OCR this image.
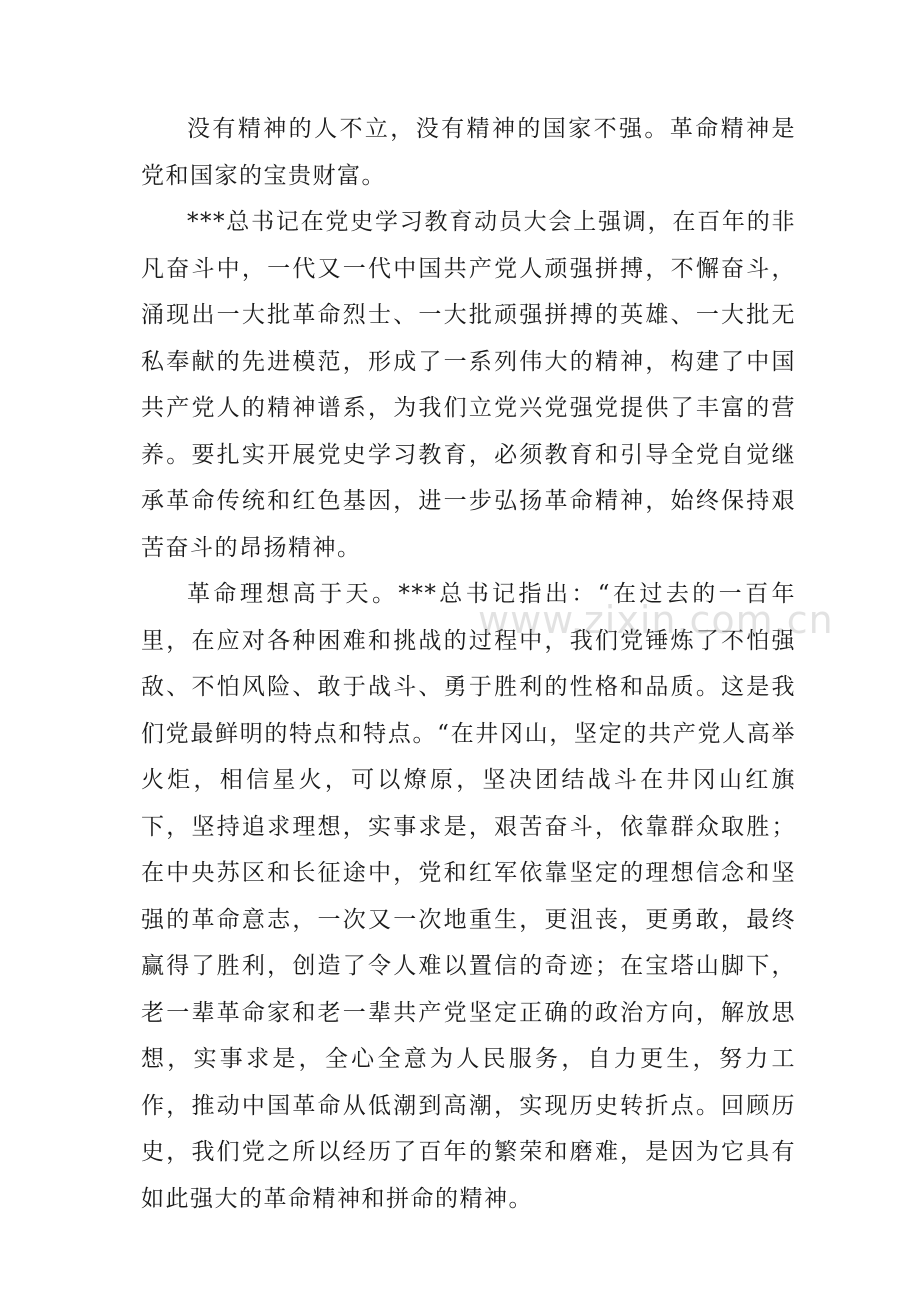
没有精神的人不立，没有精神的国家不强。革命精神是党和国家的宝贵财富。

***总书记在党史学习教育动员大会上强调，在百年的非凡奋斗中，一代又一代中国共产党人顽强拼搏，不懈奋斗，涌现出一大批革命烈士、一大批顽强拼搏的英雄、一大批无私奉献的先进模范，形成了一系列伟大的精神，构建了中国共产党人的精神谱系，为我们立党兴党强党提供了丰富的营养。要扎实开展党史学习教育，必须教育和引导全党自觉继承革命传统和红色基因，进一步弘扬革命精神，始终保持艰苦奋斗的昂扬精神。

革命理想高于天。***总书记指出：“在过去的一百年里，在应对各种困难和挑战的过程中，我们党锤炼了不怕强敌、不怕风险、敢于战斗、勇于胜利的性格和品质。这是我们党最鲜明的特点和特点。“在井冈山，坚定的共产党人高举火炬，相信星火，可以燎原，坚决团结战斗在井冈山红旗下，坚持追求理想，实事求是，艰苦奋斗，依靠群众取胜；在中央苏区和长征途中，党和红军依靠坚定的理想信念和坚强的革命意志，一次又一次地重生，更沮丧，更勇敢，最终赢得了胜利，创造了令人难以置信的奇迹；在宝塔山脚下，老一辈革命家和老一辈共产党坚定正确的政治方向，解放思想，实事求是，全心全意为人民服务，自力更生，努力工作，推动中国革命从低潮到高潮，实现历史转折点。回顾历史，我们党之所以经历了百年的繁荣和磨难，是因为它具有如此强大的革命精神和拼命的精神。

www.zixin.com.cn
